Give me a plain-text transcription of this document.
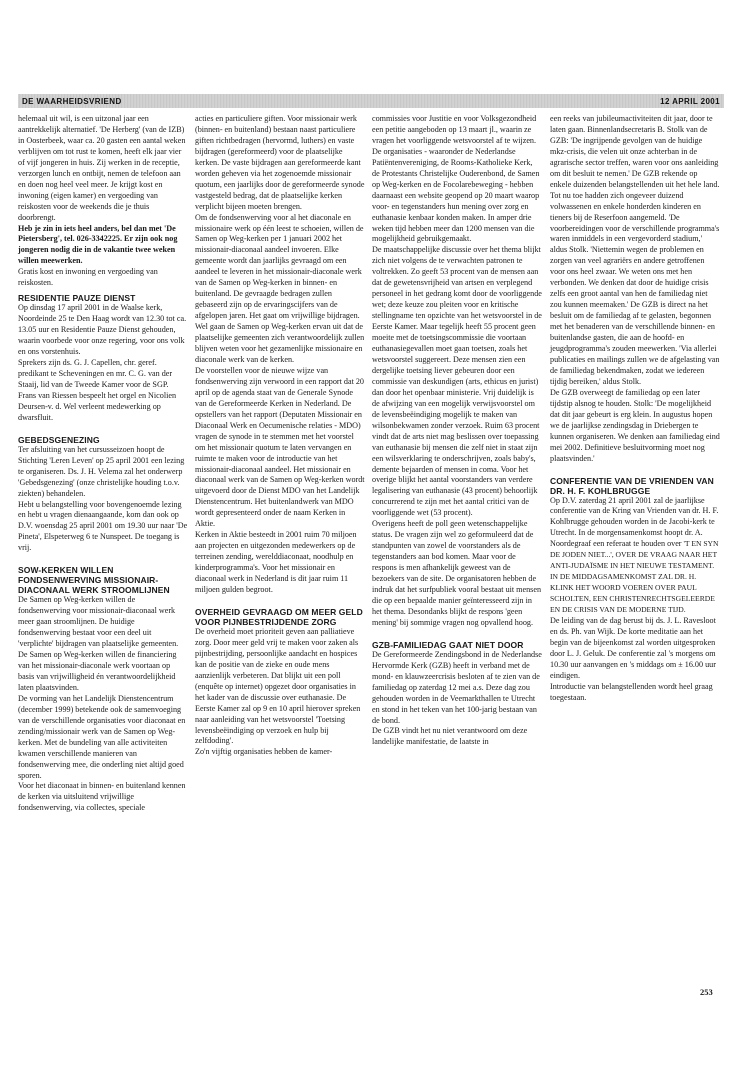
DE WAARHEIDSVRIEND	12 APRIL 2001

helemaal uit wil, is een uitzonal jaar een aantrekkelijk alternatief. 'De Herberg' (van de IZB) in Oosterbeek, waar ca. 20 gasten een aantal weken verblijven om tot rust te komen, heeft elk jaar vier of vijf jongeren in huis. Zij werken in de receptie, verzorgen lunch en ontbijt, nemen de telefoon aan en doen nog heel veel meer. Je krijgt kost en inwoning (eigen kamer) en vergoeding van reiskosten voor de weekends die je thuis doorbrengt.

Heb je zin in iets heel anders, bel dan met 'De Pietersberg', tel. 026-3342225. Er zijn ook nog jongeren nodig die in de vakantie twee weken willen meewerken.

Gratis kost en inwoning en vergoeding van reiskosten.

RESIDENTIE PAUZE DIENST

Op dinsdag 17 april 2001 in de Waalse kerk, Noordeinde 25 te Den Haag wordt van 12.30 tot ca. 13.05 uur en Residentie Pauze Dienst gehouden, waarin voorbede voor onze regering, voor ons volk en ons vorstenhuis.

Sprekers zijn ds. G. J. Capellen, chr. geref. predikant te Scheveningen en mr. C. G. van der Staaij, lid van de Tweede Kamer voor de SGP. Frans van Riessen bespeelt het orgel en Nicolien Deursen-v. d. Wel verleent medewerking op dwarsfluit.

GEBEDSGENEZING

Ter afsluiting van het cursusseizoen hoopt de Stichting 'Leren Leven' op 25 april 2001 een lezing te organiseren. Ds. J. H. Velema zal het onderwerp 'Gebedsgenezing' (onze christelijke houding t.o.v. ziekten) behandelen.

Hebt u belangstelling voor bovengenoemde lezing en hebt u vragen dienaangaande, kom dan ook op D.V. woensdag 25 april 2001 om 19.30 uur naar 'De Pineta', Elspeterweg 6 te Nunspeet. De toegang is vrij.

SOW-KERKEN WILLEN FONDSENWERVING MISSIONAIR-DIACONAAL WERK STROOMLIJNEN

De Samen op Weg-kerken willen de fondsenwerving voor missionair-diaconaal werk meer gaan stroomlijnen. De huidige fondsenwerving bestaat voor een deel uit 'verplichte' bijdragen van plaatselijke gemeenten. De Samen op Weg-kerken willen de financiering van het missionair-diaconale werk voortaan op basis van vrijwilligheid én verantwoordelijkheid laten plaatsvinden.

De vorming van het Landelijk Dienstencentrum (december 1999) betekende ook de samenvoeging van de verschillende organisaties voor diaconaat en zending/missionair werk van de Samen op Weg-kerken. Met de bundeling van alle activiteiten kwamen verschillende manieren van fondsenwerving mee, die onderling niet altijd goed sporen.

Voor het diaconaat in binnen- en buitenland kennen de kerken via uitsluitend vrijwillige fondsenwerving, via collectes, speciale

acties en particuliere giften. Voor missionair werk (binnen- en buitenland) bestaan naast particuliere giften richtbedragen (hervormd, luthers) en vaste bijdragen (gereformeerd) voor de plaatselijke kerken. De vaste bijdragen aan gereformeerde kant worden geheven via het zogenoemde missionair quotum, een jaarlijks door de gereformeerde synode vastgesteld bedrag, dat de plaatselijke kerken verplicht bijeen moeten brengen.

Om de fondsenwerving voor al het diaconale en missionaire werk op één leest te schoeien, willen de Samen op Weg-kerken per 1 januari 2002 het missionair-diaconaal aandeel invoeren. Elke gemeente wordt dan jaarlijks gevraagd om een aandeel te leveren in het missionair-diaconale werk van de Samen op Weg-kerken in binnen- en buitenland. De gevraagde bedragen zullen gebaseerd zijn op de ervaringscijfers van de afgelopen jaren. Het gaat om vrijwillige bijdragen. Wel gaan de Samen op Weg-kerken ervan uit dat de plaatselijke gemeenten zich verantwoordelijk zullen blijven weten voor het gezamenlijke missionaire en diaconale werk van de kerken.

De voorstellen voor de nieuwe wijze van fondsenwerving zijn verwoord in een rapport dat 20 april op de agenda staat van de Generale Synode van de Gereformeerde Kerken in Nederland. De opstellers van het rapport (Deputaten Missionair en Diaconaal Werk en Oecumenische relaties - MDO) vragen de synode in te stemmen met het voorstel om het missionair quotum te laten vervangen en ruimte te maken voor de introductie van het missionair-diaconaal aandeel. Het missionair en diaconaal werk van de Samen op Weg-kerken wordt uitgevoerd door de Dienst MDO van het Landelijk Dienstencentrum. Het buitenlandwerk van MDO wordt gepresenteerd onder de naam Kerken in Aktie.

Kerken in Aktie besteedt in 2001 ruim 70 miljoen aan projecten en uitgezonden medewerkers op de terreinen zending, werelddiaconaat, noodhulp en kinderprogramma's. Voor het missionair en diaconaal werk in Nederland is dit jaar ruim 11 miljoen gulden begroot.

OVERHEID GEVRAAGD OM MEER GELD VOOR PIJNBESTRIJDENDE ZORG

De overheid moet prioriteit geven aan palliatieve zorg. Door meer geld vrij te maken voor zaken als pijnbestrijding, persoonlijke aandacht en hospices kan de positie van de zieke en oude mens aanzienlijk verbeteren. Dat blijkt uit een poll (enquête op internet) opgezet door organisaties in het kader van de discussie over euthanasie. De Eerste Kamer zal op 9 en 10 april hierover spreken naar aanleiding van het wetsvoorstel 'Toetsing levensbeëindiging op verzoek en hulp bij zelfdoding'.

Zo'n vijftig organisaties hebben de kamer-

commissies voor Justitie en voor Volksgezondheid een petitie aangeboden op 13 maart jl., waarin ze vragen het voorliggende wetsvoorstel af te wijzen. De organisaties - waaronder de Nederlandse Patiëntenvereniging, de Rooms-Katholieke Kerk, de Protestants Christelijke Ouderenbond, de Samen op Weg-kerken en de Focolarebeweging - hebben daarnaast een website geopend op 20 maart waarop voor- en tegenstanders hun mening over zorg en euthanasie kenbaar konden maken. In amper drie weken tijd hebben meer dan 1200 mensen van die mogelijkheid gebruikgemaakt.

De maatschappelijke discussie over het thema blijkt zich niet volgens de te verwachten patronen te voltrekken. Zo geeft 53 procent van de mensen aan dat de gewetensvrijheid van artsen en verplegend personeel in het gedrang komt door de voorliggende wet; deze keuze zou pleiten voor en kritische stellingname ten opzichte van het wetsvoorstel in de Eerste Kamer. Maar tegelijk heeft 55 procent geen moeite met de toetsingscommissie die voortaan euthanasiegevallen moet gaan toetsen, zoals het wetsvoorstel suggereert. Deze mensen zien een dergelijke toetsing liever gebeuren door een commissie van deskundigen (arts, ethicus en jurist) dan door het openbaar ministerie. Vrij duidelijk is de afwijzing van een mogelijk verwijsvoorstel om de levensbeëindiging mogelijk te maken van wilsonbekwamen zonder verzoek. Ruim 63 procent vindt dat de arts niet mag beslissen over toepassing van euthanasie bij mensen die zelf niet in staat zijn een wilsverklaring te onderschrijven, zoals baby's, demente bejaarden of mensen in coma. Voor het overige blijkt het aantal voorstanders van verdere legalisering van euthanasie (43 procent) behoorlijk concurrerend te zijn met het aantal critici van de voorliggende wet (53 procent).

Overigens heeft de poll geen wetenschappelijke status. De vragen zijn wel zo geformuleerd dat de standpunten van zowel de voorstanders als de tegenstanders aan bod komen. Maar voor de respons is men afhankelijk geweest van de bezoekers van de site. De organisatoren hebben de indruk dat het surfpubliek vooral bestaat uit mensen die op een bepaalde manier geïnteresseerd zijn in het thema. Desondanks blijkt de respons 'geen mening' bij sommige vragen nog opvallend hoog.

GZB-FAMILIEDAG GAAT NIET DOOR

De Gereformeerde Zendingsbond in de Nederlandse Hervormde Kerk (GZB) heeft in verband met de mond- en klauwzeercrisis besloten af te zien van de familiedag op zaterdag 12 mei a.s. Deze dag zou gehouden worden in de Veemarkthallen te Utrecht en stond in het teken van het 100-jarig bestaan van de bond.

De GZB vindt het nu niet verantwoord om deze landelijke manifestatie, de laatste in

een reeks van jubileumactiviteiten dit jaar, door te laten gaan. Binnenlandsecretaris B. Stolk van de GZB: 'De ingrijpende gevolgen van de huidige mkz-crisis, die velen uit onze achterban in de agrarische sector treffen, waren voor ons aanleiding om dit besluit te nemen.' De GZB rekende op enkele duizenden belangstellenden uit het hele land. Tot nu toe hadden zich ongeveer duizend volwassenen en enkele honderden kinderen en tieners bij de Reserfoon aangemeld. 'De voorbereidingen voor de verschillende programma's waren inmiddels in een vergevorderd stadium,' aldus Stolk. 'Niettemin wegen de problemen en zorgen van veel agrariërs en andere getroffenen voor ons heel zwaar. We weten ons met hen verbonden. We denken dat door de huidige crisis zelfs een groot aantal van hen de familiedag niet zou kunnen meemaken.' De GZB is direct na het besluit om de familiedag af te gelasten, begonnen met het benaderen van de verschillende binnen- en buitenlandse gasten, die aan de hoofd- en jeugdprogramma's zouden meewerken. 'Via allerlei publicaties en mailings zullen we de afgelasting van de familiedag bekendmaken, zodat we iedereen tijdig bereiken,' aldus Stolk.

De GZB overweegt de familiedag op een later tijdstip alsnog te houden. Stolk: 'De mogelijkheid dat dit jaar gebeurt is erg klein. In augustus hopen we de jaarlijkse zendingsdag in Driebergen te kunnen organiseren. We denken aan familiedag eind mei 2002. Definitieve besluitvorming moet nog plaatsvinden.'

CONFERENTIE VAN DE VRIENDEN VAN DR. H. F. KOHLBRUGGE

Op D.V. zaterdag 21 april 2001 zal de jaarlijkse conferentie van de Kring van Vrienden van dr. H. F. Kohlbrugge gehouden worden in de Jacobi-kerk te Utrecht. In de morgensamenkomst hoopt dr. A. Noordegraaf een referaat te houden over 'T EN SYN DE JODEN NIET...', OVER DE VRAAG NAAR HET ANTI-JUDAÏSME IN HET NIEUWE TESTAMENT. IN DE MIDDAGSAMENKOMST ZAL DR. H. KLINK HET WOORD VOEREN OVER PAUL SCHOLTEN, EEN CHRISTENRECHTSGELEERDE EN DE CRISIS VAN DE MODERNE TIJD.

De leiding van de dag berust bij ds. J. L. Ravesloot en ds. Ph. van Wijk. De korte meditatie aan het begin van de bijeenkomst zal worden uitgesproken door L. J. Geluk. De conferentie zal 's morgens om 10.30 uur aanvangen en 's middags om ± 16.00 uur eindigen.

Introductie van belangstellenden wordt heel graag toegestaan.

253
